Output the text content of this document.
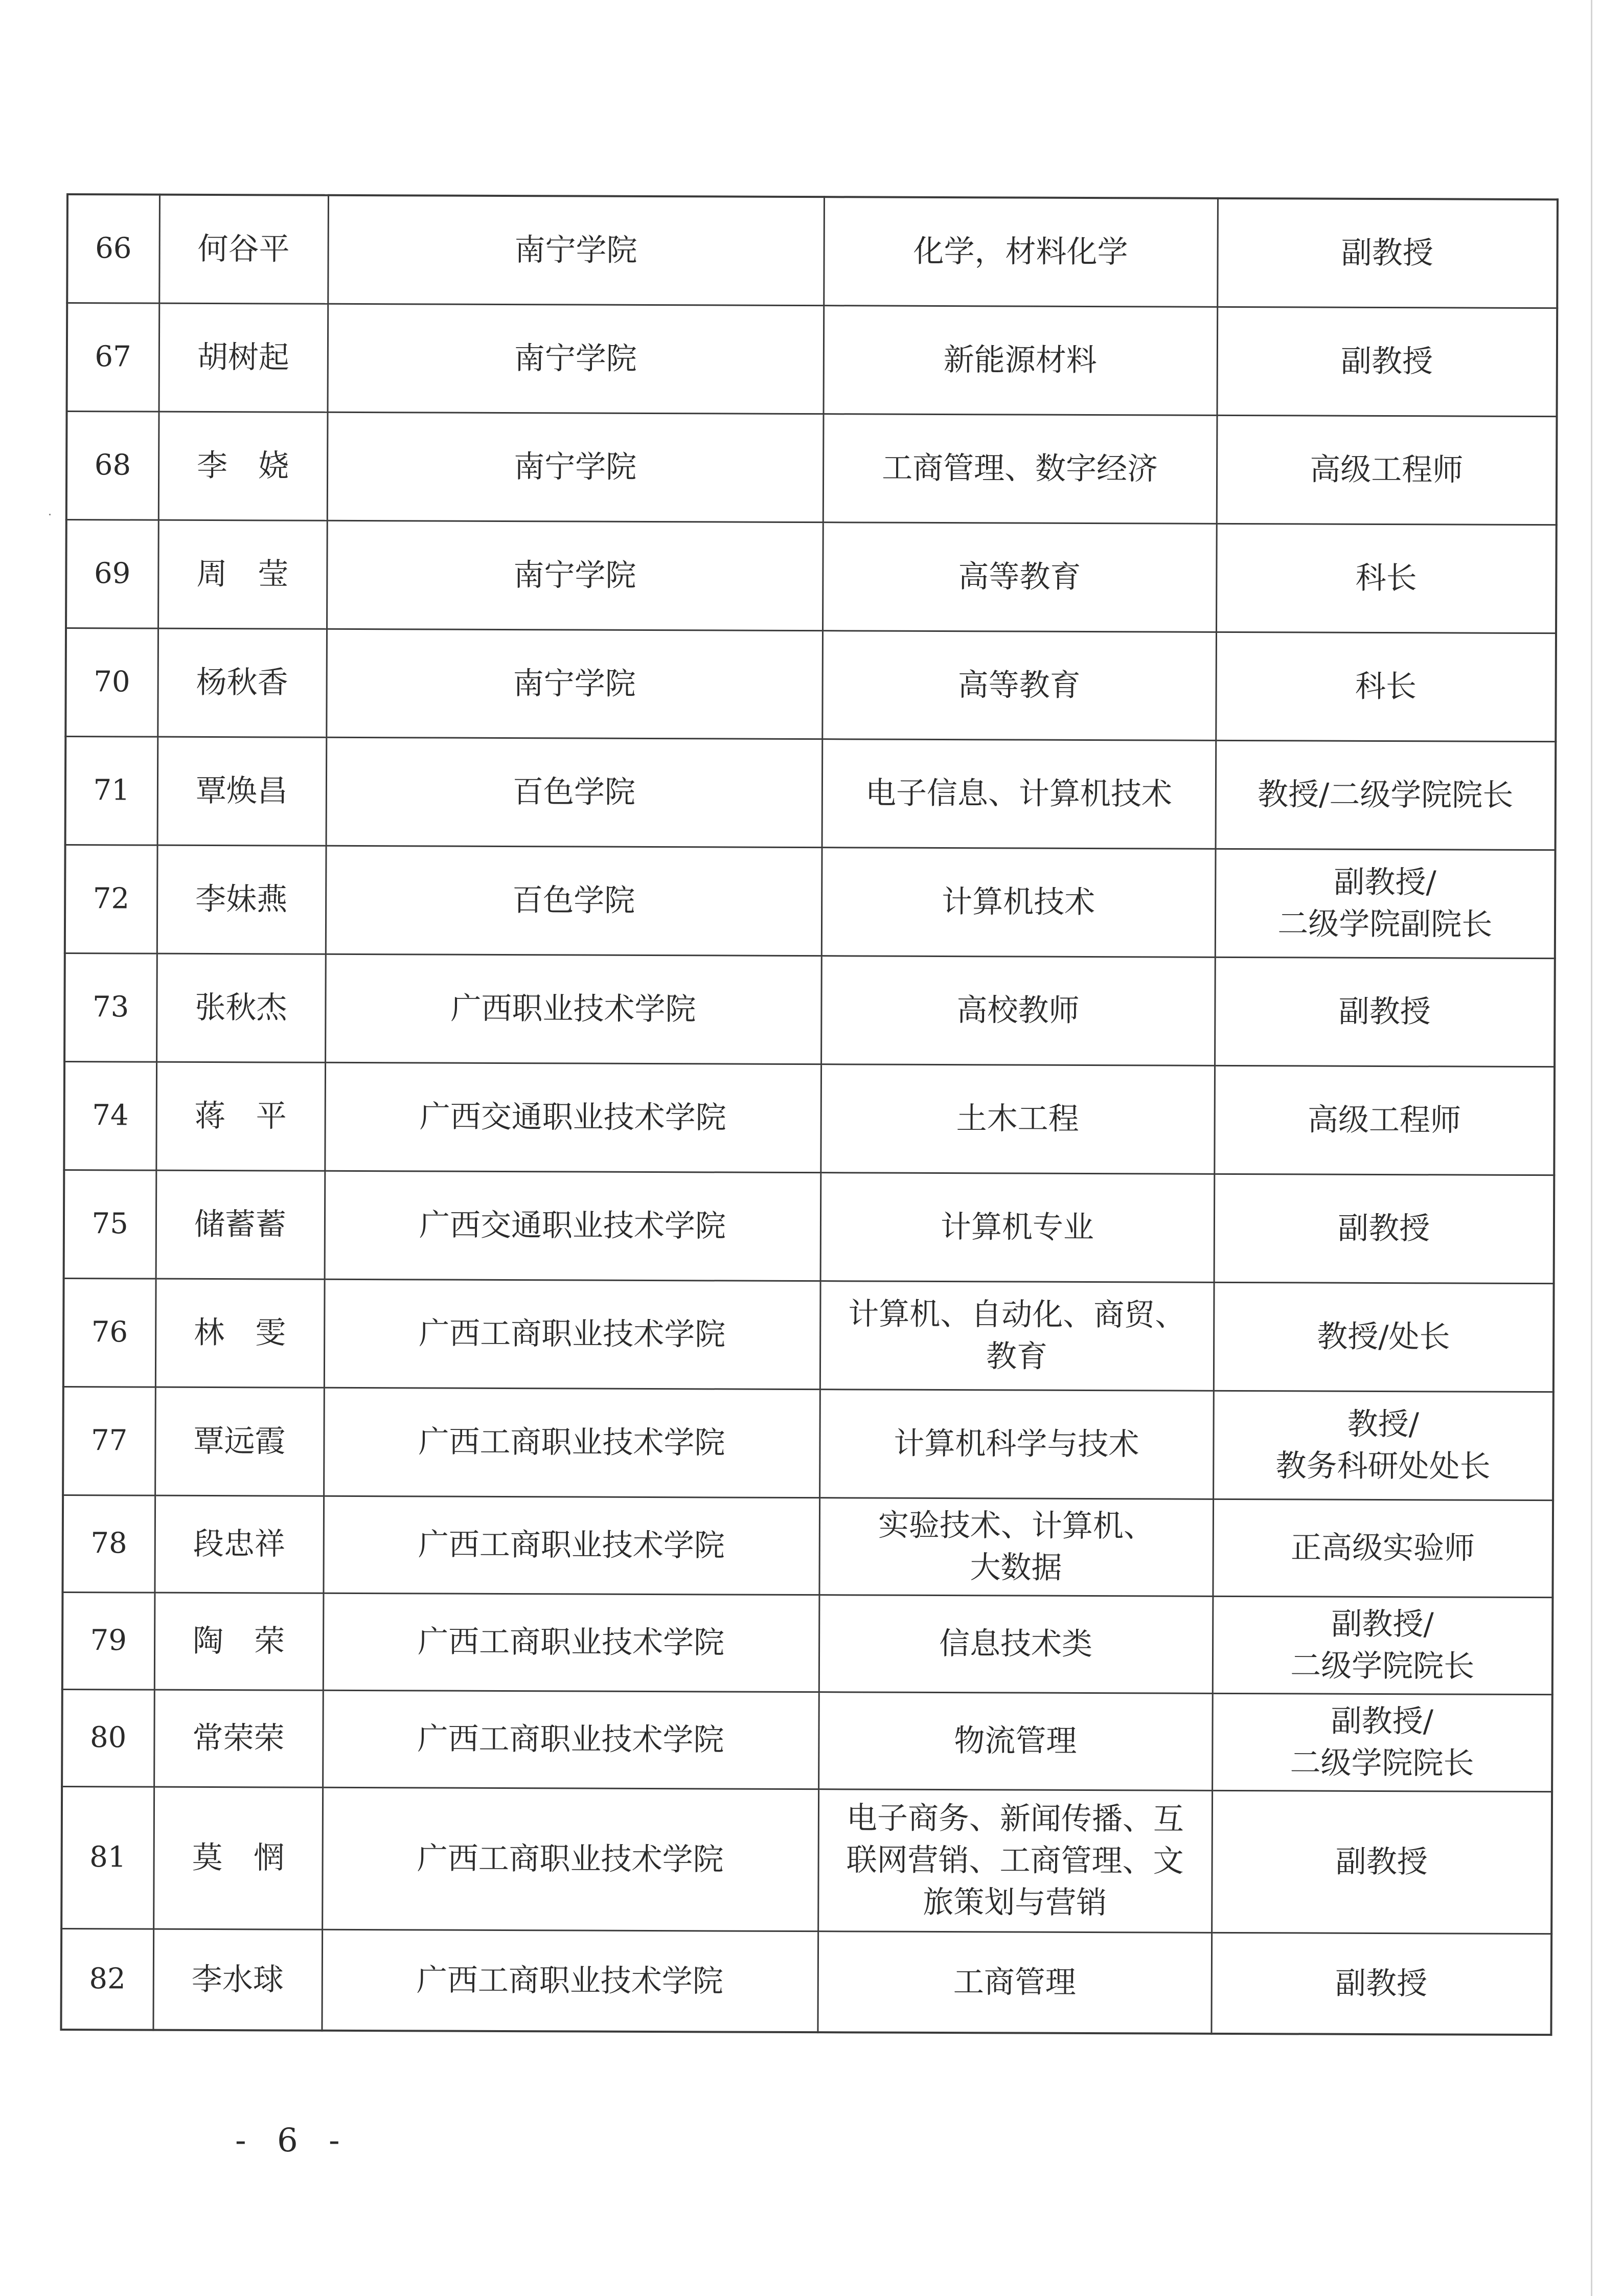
66	何谷平	南宁学院	化学，材料化学	副教授

67	胡树起	南宁学院	新能源材料	副教授

68	李　娆	南宁学院	工商管理、数字经济	高级工程师

69	周　莹	南宁学院	高等教育	科长

70	杨秋香	南宁学院	高等教育	科长

71	覃焕昌	百色学院	电子信息、计算机技术	教授/二级学院院长

72	李妹燕	百色学院	计算机技术	副教授/
二级学院副院长

73	张秋杰	广西职业技术学院	高校教师	副教授

74	蒋　平	广西交通职业技术学院	土木工程	高级工程师

75	储蓄蓄	广西交通职业技术学院	计算机专业	副教授

76	林　雯	广西工商职业技术学院	计算机、自动化、商贸、
教育	教授/处长

77	覃远霞	广西工商职业技术学院	计算机科学与技术	教授/
教务科研处处长

78	段忠祥	广西工商职业技术学院	实验技术、计算机、
大数据	正高级实验师

79	陶　荣	广西工商职业技术学院	信息技术类	副教授/
二级学院院长

80	常荣荣	广西工商职业技术学院	物流管理	副教授/
二级学院院长

81	莫　惘	广西工商职业技术学院	电子商务、新闻传播、互
联网营销、工商管理、文
旅策划与营销	副教授

82	李水球	广西工商职业技术学院	工商管理	副教授
- 6 -
